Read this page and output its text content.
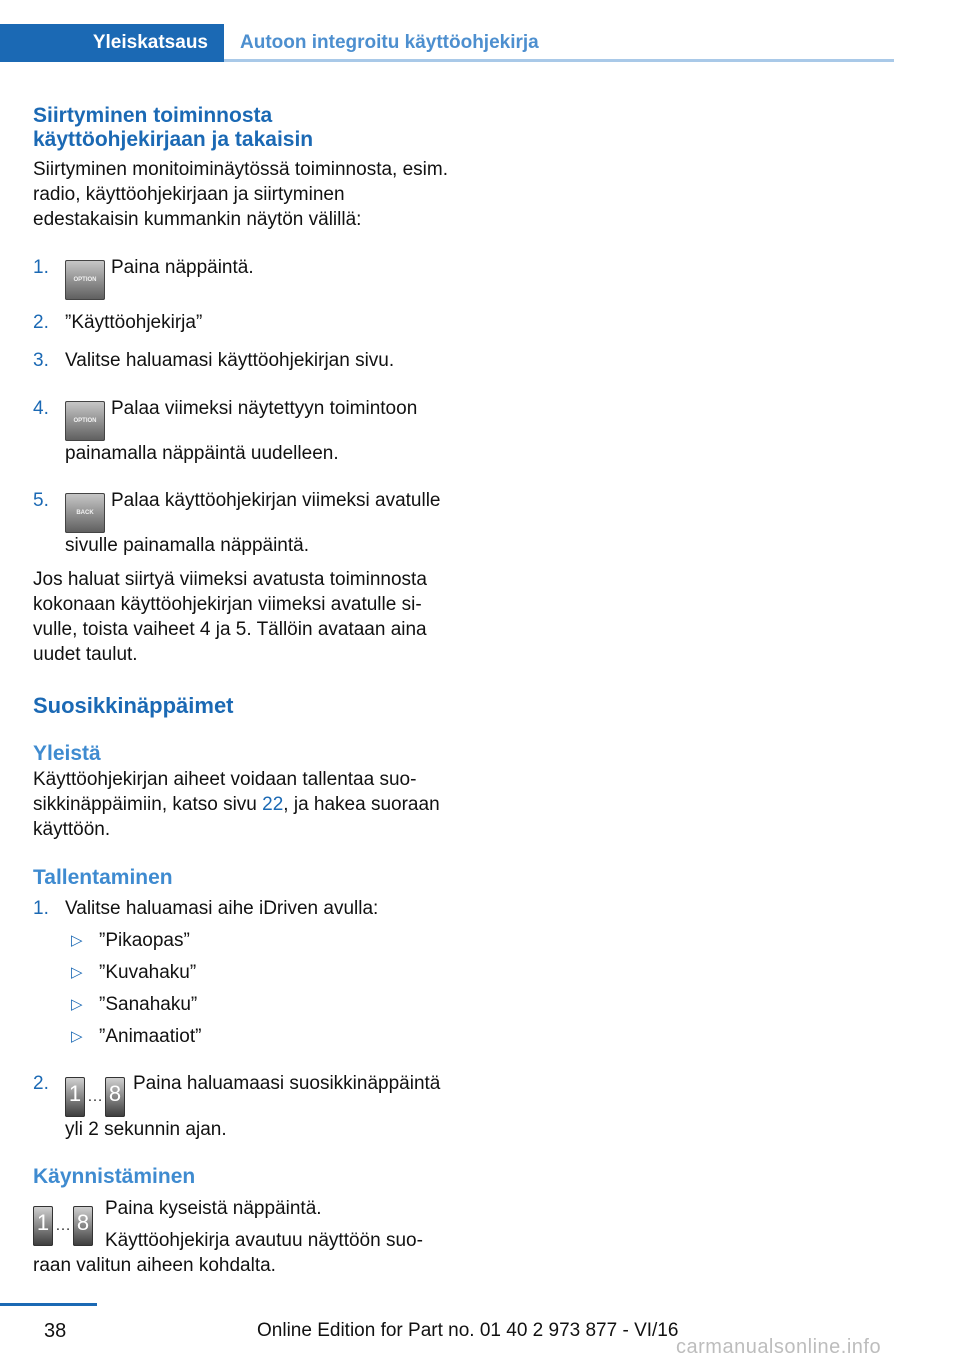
Yleiskatsaus	Autoon integroitu käyttöohjekirja
Siirtyminen toiminnosta
käyttöohjekirjaan ja takaisin

Siirtyminen monitoiminäytössä toiminnosta, esim. radio, käyttöohjekirjaan ja siirtyminen edestakaisin kummankin näytön välillä:

1.
OPTIONPaina näppäintä.
2. ”Käyttöohjekirja”
3. Valitse haluamasi käyttöohjekirjan sivu.
4.
OPTIONPalaa viimeksi näytettyyn toimintoon painamalla näppäintä uudelleen.
5.
BACKPalaa käyttöohjekirjan viimeksi avatulle sivulle painamalla näppäintä.

Jos haluat siirtyä viimeksi avatusta toiminnosta kokonaan käyttöohjekirjan viimeksi avatulle sivulle, toista vaiheet 4 ja 5. Tällöin avataan aina uudet taulut.

Suosikkinäppäimet
Yleistä

Käyttöohjekirjan aiheet voidaan tallentaa suosikkinäppäimiin, katso sivu 22, ja hakea suoraan käyttöön.

Tallentaminen
1. Valitse haluamasi aihe iDriven avulla:
▷ ”Pikaopas”
▷ ”Kuvahaku”
▷ ”Sanahaku”
▷ ”Animaatiot”
2. 1 … 8 Paina haluamaasi suosikkinäppäintä yli 2 sekunnin ajan.
Käynnistäminen
1 … 8

Paina kyseistä näppäintä.

Käyttöohjekirja avautuu näyttöön suoraan valitun aiheen kohdalta.

38	Online Edition for Part no. 01 40 2 973 877 - VI/16
carmanualsonline.info
